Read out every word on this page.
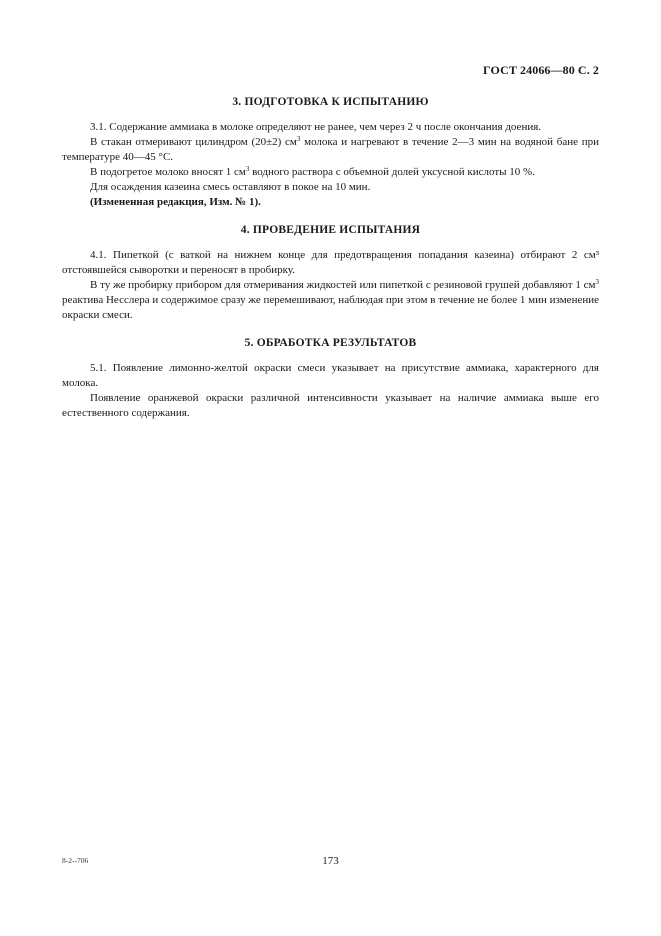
ГОСТ 24066—80 С. 2
3. ПОДГОТОВКА К ИСПЫТАНИЮ

3.1. Содержание аммиака в молоке определяют не ранее, чем через 2 ч после окончания доения.

В стакан отмеривают цилиндром (20±2) $см^3$ молока и нагревают в течение 2—3 мин на водяной бане при температуре 40—45 °С.

В подогретое молоко вносят 1 $см^3$ водного раствора с объемной долей уксусной кислоты 10 %.

Для осаждения казеина смесь оставляют в покое на 10 мин.

(Измененная редакция, Изм. № 1).

4. ПРОВЕДЕНИЕ ИСПЫТАНИЯ

4.1. Пипеткой (с ваткой на нижнем конце для предотвращения попадания казеина) отбирают 2 см³ отстоявшейся сыворотки и переносят в пробирку.

В ту же пробирку прибором для отмеривания жидкостей или пипеткой с резиновой грушей добавляют 1 $см^3$ реактива Несслера и содержимое сразу же перемешивают, наблюдая при этом в течение не более 1 мин изменение окраски смеси.

5. ОБРАБОТКА РЕЗУЛЬТАТОВ

5.1. Появление лимонно-желтой окраски смеси указывает на присутствие аммиака, характерного для молока.

Появление оранжевой окраски различной интенсивности указывает на наличие аммиака выше его естественного содержания.

8-2--706	173
